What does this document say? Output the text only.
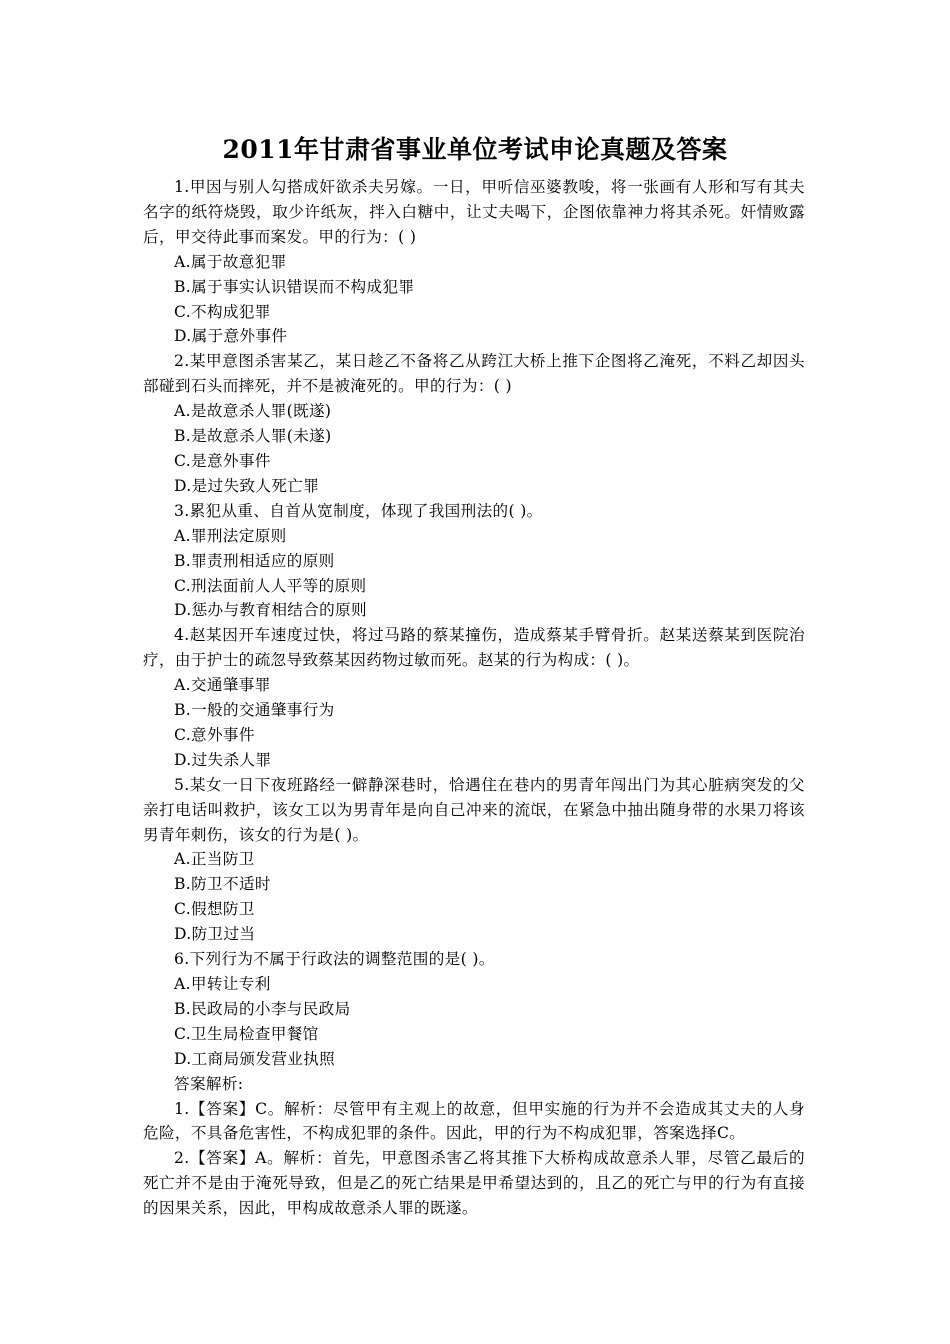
2011年甘肃省事业单位考试申论真题及答案

1.甲因与别人勾搭成奸欲杀夫另嫁。一日，甲听信巫婆教唆，将一张画有人形和写有其夫名字的纸符烧毁，取少许纸灰，拌入白糖中，让丈夫喝下，企图依靠神力将其杀死。奸情败露后，甲交待此事而案发。甲的行为：( )

A.属于故意犯罪

B.属于事实认识错误而不构成犯罪

C.不构成犯罪

D.属于意外事件

2.某甲意图杀害某乙，某日趁乙不备将乙从跨江大桥上推下企图将乙淹死，不料乙却因头部碰到石头而摔死，并不是被淹死的。甲的行为：( )

A.是故意杀人罪(既遂)

B.是故意杀人罪(未遂)

C.是意外事件

D.是过失致人死亡罪

3.累犯从重、自首从宽制度，体现了我国刑法的( )。

A.罪刑法定原则

B.罪责刑相适应的原则

C.刑法面前人人平等的原则

D.惩办与教育相结合的原则

4.赵某因开车速度过快，将过马路的蔡某撞伤，造成蔡某手臂骨折。赵某送蔡某到医院治疗，由于护士的疏忽导致蔡某因药物过敏而死。赵某的行为构成：( )。

A.交通肇事罪

B.一般的交通肇事行为

C.意外事件

D.过失杀人罪

5.某女一日下夜班路经一僻静深巷时，恰遇住在巷内的男青年闯出门为其心脏病突发的父亲打电话叫救护，该女工以为男青年是向自己冲来的流氓，在紧急中抽出随身带的水果刀将该男青年刺伤，该女的行为是( )。

A.正当防卫

B.防卫不适时

C.假想防卫

D.防卫过当

6.下列行为不属于行政法的调整范围的是( )。

A.甲转让专利

B.民政局的小李与民政局

C.卫生局检查甲餐馆

D.工商局颁发营业执照

答案解析:

1.【答案】C。解析：尽管甲有主观上的故意，但甲实施的行为并不会造成其丈夫的人身危险，不具备危害性，不构成犯罪的条件。因此，甲的行为不构成犯罪，答案选择C。

2.【答案】A。解析：首先，甲意图杀害乙将其推下大桥构成故意杀人罪，尽管乙最后的死亡并不是由于淹死导致，但是乙的死亡结果是甲希望达到的，且乙的死亡与甲的行为有直接的因果关系，因此，甲构成故意杀人罪的既遂。
